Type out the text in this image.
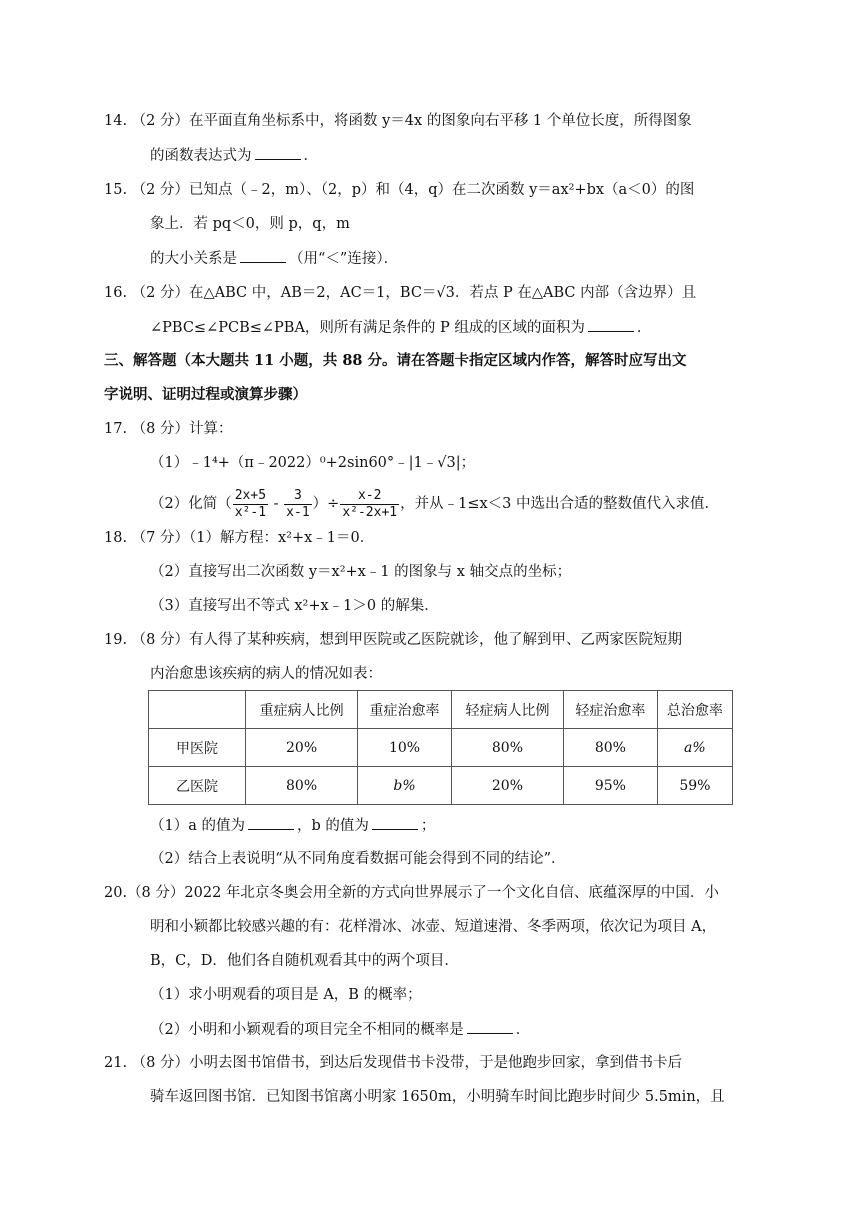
14. （2 分）在平面直角坐标系中，将函数 y＝4x 的图象向右平移 1 个单位长度，所得图象
的函数表达式为	．
15. （2 分）已知点（﹣2，m）、（2，p）和（4，q）在二次函数 y＝ax²+bx（a＜0）的图
象上．若 pq＜0，则 p，q，m
的大小关系是	（用“＜”连接）．
16. （2 分）在△ABC 中，AB＝2，AC＝1，BC＝√3．若点 P 在△ABC 内部（含边界）且
∠PBC≤∠PCB≤∠PBA，则所有满足条件的 P 组成的区域的面积为	．
三、解答题（本大题共 11 小题，共 88 分。请在答题卡指定区域内作答，解答时应写出文
字说明、证明过程或演算步骤）
17. （8 分）计算：
（1）﹣1⁴+（π﹣2022）⁰+2sin60°﹣|1﹣√3|；
（2）化简（ $\frac{2x+5}{\text{x²-1}} - \frac{3}{x-1}$ ）÷ $\frac{x-2}{\text{x²-2x+1}}$ ，并从﹣1≤x＜3 中选出合适的整数值代入求值．
18. （7 分）（1）解方程：x²+x﹣1＝0．
（2）直接写出二次函数 y＝x²+x﹣1 的图象与 x 轴交点的坐标；
（3）直接写出不等式 x²+x﹣1＞0 的解集．
19. （8 分）有人得了某种疾病，想到甲医院或乙医院就诊，他了解到甲、乙两家医院短期
内治愈患该疾病的病人的情况如表：
	重症病人比例	重症治愈率	轻症病人比例	轻症治愈率	总治愈率
甲医院	20%	10%	80%	80%	a%
乙医院	80%	b%	20%	95%	59%
（1）a 的值为	，b 的值为	；
（2）结合上表说明“从不同角度看数据可能会得到不同的结论”．
20.（8 分）2022 年北京冬奥会用全新的方式向世界展示了一个文化自信、底蕴深厚的中国．小
明和小颖都比较感兴趣的有：花样滑冰、冰壶、短道速滑、冬季两项，依次记为项目 A，
B，C，D．他们各自随机观看其中的两个项目．
（1）求小明观看的项目是 A，B 的概率；
（2）小明和小颖观看的项目完全不相同的概率是	．
21. （8 分）小明去图书馆借书，到达后发现借书卡没带，于是他跑步回家，拿到借书卡后
骑车返回图书馆．已知图书馆离小明家 1650m，小明骑车时间比跑步时间少 5.5min，且
